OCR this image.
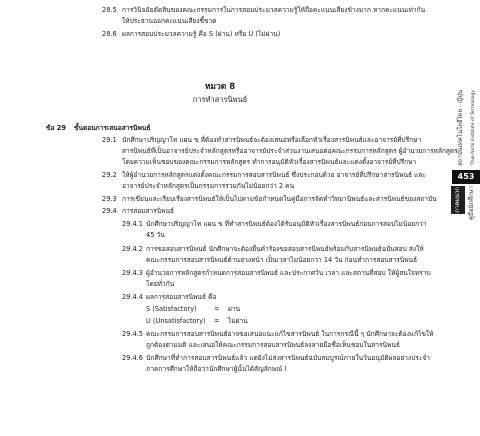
28.5 การวินิจฉัยตัดสินของคณะกรรมการในการสอบประมวลความรู้ให้ถือคะแนนเสียงข้างมาก หากคะแนนเท่ากัน
ให้ประธานออกคะแนนเสียงชี้ขาด
28.6 ผลการสอบประมวลความรู้ คือ S (ผ่าน) หรือ U (ไม่ผ่าน)
หมวด 8
การทำสารนิพนธ์
ข้อ 29 ขั้นตอนการเสนอสารนิพนธ์
29.1 นักศึกษาปริญญาโท แผน ข ที่ต้องทำสารนิพนธ์จะต้องเสนอหรือเลือกหัวเรื่องสารนิพนธ์และอาจารย์ที่ปรึกษา
สารนิพนธ์ที่เป็นอาจารย์ประจำหลักสูตรหรืออาจารย์ประจำส่วนงานเสนอต่อคณะกรรมการหลักสูตร ผู้อำนวยการหลักสูตร
โดยความเห็นชอบของคณะกรรมการหลักสูตร ทำการอนุมัติหัวเรื่องสารนิพนธ์และแต่งตั้งอาจารย์ที่ปรึกษา
29.2 ให้ผู้อำนวยการหลักสูตรแต่งตั้งคณะกรรมการสอบสารนิพนธ์ ซึ่งประกอบด้วย อาจารย์ที่ปรึกษาสารนิพนธ์ และ
อาจารย์ประจำหลักสูตรเป็นกรรมการรวมกันไม่น้อยกว่า 2 คน
29.3 การเขียนและเรียบเรียงสารนิพนธ์ให้เป็นไปตามข้อกำหนดในคู่มือการจัดทำวิทยานิพนธ์และสารนิพนธ์ของสถาบัน
29.4 การสอบสารนิพนธ์
29.4.1 นักศึกษาปริญญาโท แผน ข ที่ทำสารนิพนธ์ต้องได้รับอนุมัติหัวเรื่องสารนิพนธ์ก่อนการสอบไม่น้อยกว่า
45 วัน
29.4.2 การขอสอบสารนิพนธ์ นักศึกษาจะต้องยื่นคำร้องขอสอบสารนิพนธ์พร้อมกับสารนิพนธ์ฉบับสอบ ส่งให้
คณะกรรมการสอบสารนิพนธ์ด้านล่วงหน้า เป็นเวลาไม่น้อยกว่า 14 วัน ก่อนทำการสอบสารนิพนธ์
29.4.3 ผู้อำนวยการหลักสูตรกำหนดการสอบสารนิพนธ์ และประกาศวัน เวลา และสถานที่สอบ ให้ผู้สนใจทราบ
โดยทั่วกัน
29.4.4 ผลการสอบสารนิพนธ์ คือ
S (Satisfactory)	= ผ่าน
U (Unsatisfactory) = ไม่ผ่าน
29.4.5 คณะกรรมการสอบสารนิพนธ์อาจขอเสนอแนะแก้ไขสารนิพนธ์ ในการกรณีนี้ ๆ นักศึกษาจะต้องแก้ไขให้
ถูกต้องตามมติ และเสนอให้คณะกรรมการสอบสารนิพนธ์ลงลายมือชื่อเห็นชอบในสารนิพนธ์
29.4.6 นักศึกษาที่ทำการสอบสารนิพนธ์แล้ว แต่ยังไม่ส่งสารนิพนธ์ฉบับสมบูรณ์ภายในวันอนุมัติผลอย่างประจำ
ภาคการศึกษาให้ถือว่านักศึกษาผู้นั้นได้สัญลักษณ์ I
สถาบันเทคโนโลยีไทย - ญี่ปุ่น	Thai-Nichi Institute of Technology
453
ภาคผนวก	คู่มือนักศึกษา
